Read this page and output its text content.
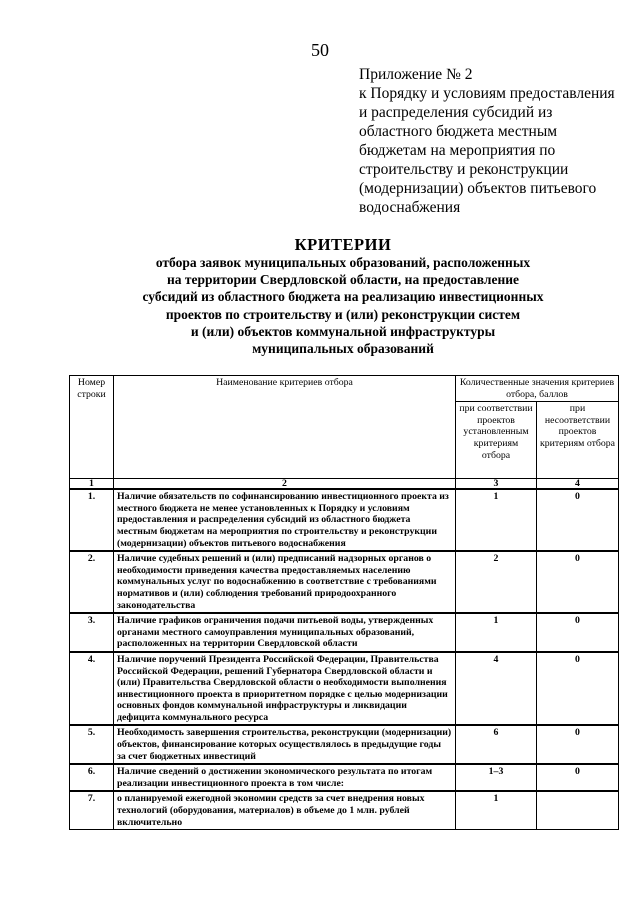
50
Приложение № 2
к Порядку и условиям предоставления
и распределения субсидий из
областного бюджета местным
бюджетам на мероприятия по
строительству и реконструкции
(модернизации) объектов питьевого
водоснабжения
КРИТЕРИИ
отбора заявок муниципальных образований, расположенных
на территории Свердловской области, на предоставление
субсидий из областного бюджета на реализацию инвестиционных
проектов по строительству и (или) реконструкции систем
и (или) объектов коммунальной инфраструктуры
муниципальных образований
Номер строки	Наименование критериев отбора	Количественные значения критериев отбора, баллов	
		при соответствии проектов установленным критериям отбора	при несоответствии проектов критериям отбора
1	2	3	4
1.	Наличие обязательств по софинансированию инвестиционного проекта из местного бюджета не менее установленных к Порядку и условиям предоставления и распределения субсидий из областного бюджета местным бюджетам на мероприятия по строительству и реконструкции (модернизации) объектов питьевого водоснабжения	1	0
2.	Наличие судебных решений и (или) предписаний надзорных органов о необходимости приведения качества предоставляемых населению коммунальных услуг по водоснабжению в соответствие с требованиями нормативов и (или) соблюдения требований природоохранного законодательства	2	0
3.	Наличие графиков ограничения подачи питьевой воды, утвержденных органами местного самоуправления муниципальных образований, расположенных на территории Свердловской области	1	0
4.	Наличие поручений Президента Российской Федерации, Правительства Российской Федерации, решений Губернатора Свердловской области и (или) Правительства Свердловской области о необходимости выполнения инвестиционного проекта в приоритетном порядке с целью модернизации основных фондов коммунальной инфраструктуры и ликвидации дефицита коммунального ресурса	4	0
5.	Необходимость завершения строительства, реконструкции (модернизации) объектов, финансирование которых осуществлялось в предыдущие годы за счет бюджетных инвестиций	6	0
6.	Наличие сведений о достижении экономического результата по итогам реализации инвестиционного проекта в том числе:	1–3	0
7.	о планируемой ежегодной экономии средств за счет внедрения новых технологий (оборудования, материалов) в объеме до 1 млн. рублей включительно	1	
